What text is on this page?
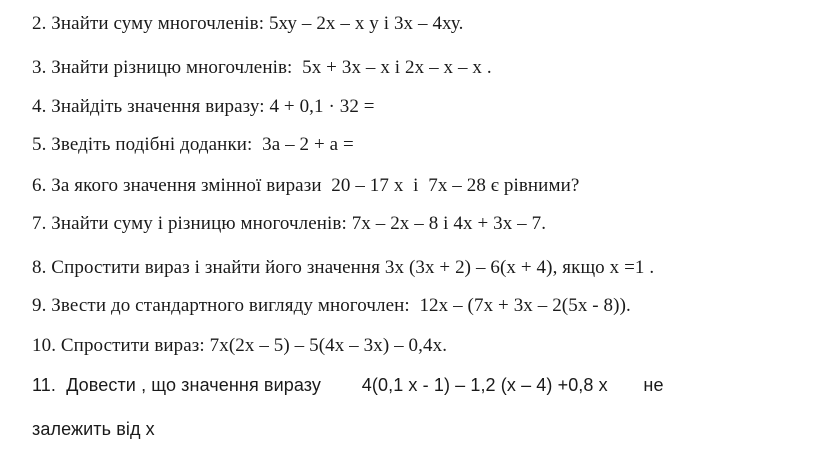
2. Знайти суму многочленів: 5ху – 2х – х у і 3х – 4ху.
3. Знайти різницю многочленів:  5х + 3х – х і 2х – х – х .
4. Знайдіть значення виразу: 4 + 0,1 · 32 =
5. Зведіть подібні доданки:  3а – 2 + а =
6. За якого значення змінної вирази  20 – 17 х  і  7х – 28 є рівними?
7. Знайти суму і різницю многочленів: 7х – 2х – 8 і 4х + 3х – 7.
8. Спростити вираз і знайти його значення 3х (3х + 2) – 6(х + 4), якщо х =1 .
9. Звести до стандартного вигляду многочлен:  12х – (7х + 3х – 2(5х - 8)).
10. Спростити вираз: 7х(2х – 5) – 5(4х – 3х) – 0,4х.
11.  Довести , що значення виразу        4(0,1 х - 1) – 1,2 (х – 4) +0,8 х       не
залежить від х
